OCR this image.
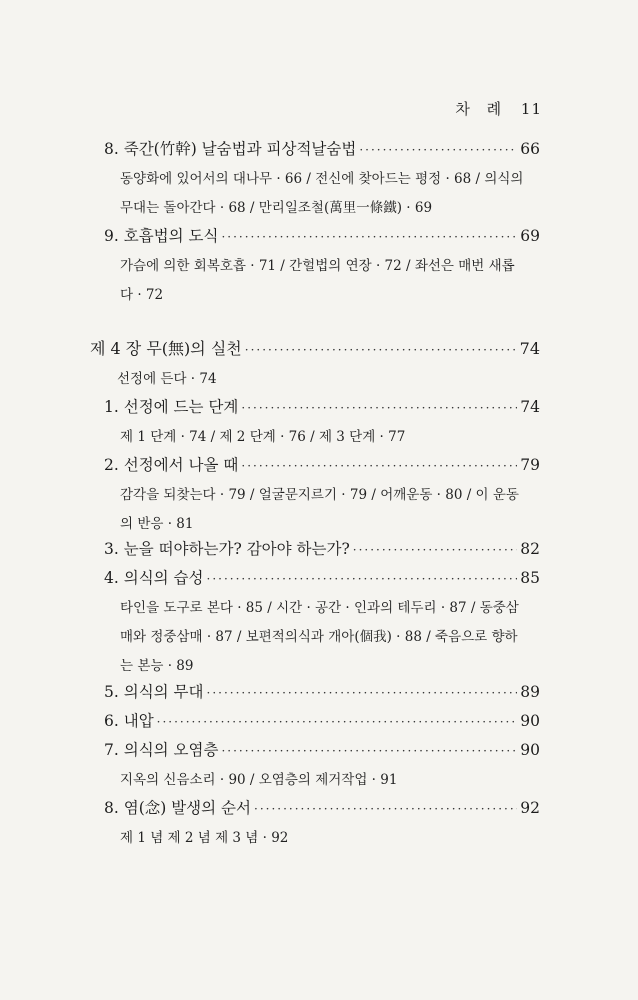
차 례 11
8. 죽간(竹幹) 날숨법과 피상적날숨법 ·····	66
동양화에 있어서의 대나무 · 66 / 전신에 찾아드는 평정 · 68 / 의식의
무대는 돌아간다 · 68 / 만리일조철(萬里一條鐵) · 69
9. 호흡법의 도식 ·····	69
가슴에 의한 회복호흡 · 71 / 간헐법의 연장 · 72 / 좌선은 매번 새롭
다 · 72
제 4 장 무(無)의 실천 ·····	74
선정에 든다 · 74
1. 선정에 드는 단계 ·····	74
제 1 단계 · 74 / 제 2 단계 · 76 / 제 3 단계 · 77
2. 선정에서 나올 때 ·····	79
감각을 되찾는다 · 79 / 얼굴문지르기 · 79 / 어깨운동 · 80 / 이 운동
의 반응 · 81
3. 눈을 떠야하는가? 감아야 하는가? ·····	82
4. 의식의 습성 ·····	85
타인을 도구로 본다 · 85 / 시간 · 공간 · 인과의 테두리 · 87 / 동중삼
매와 정중삼매 · 87 / 보편적의식과 개아(個我) · 88 / 죽음으로 향하
는 본능 · 89
5. 의식의 무대 ·····	89
6. 내압 ·····	90
7. 의식의 오염층 ·····	90
지옥의 신음소리 · 90 / 오염층의 제거작업 · 91
8. 염(念) 발생의 순서 ·····	92
제 1 념 제 2 념 제 3 념 · 92
